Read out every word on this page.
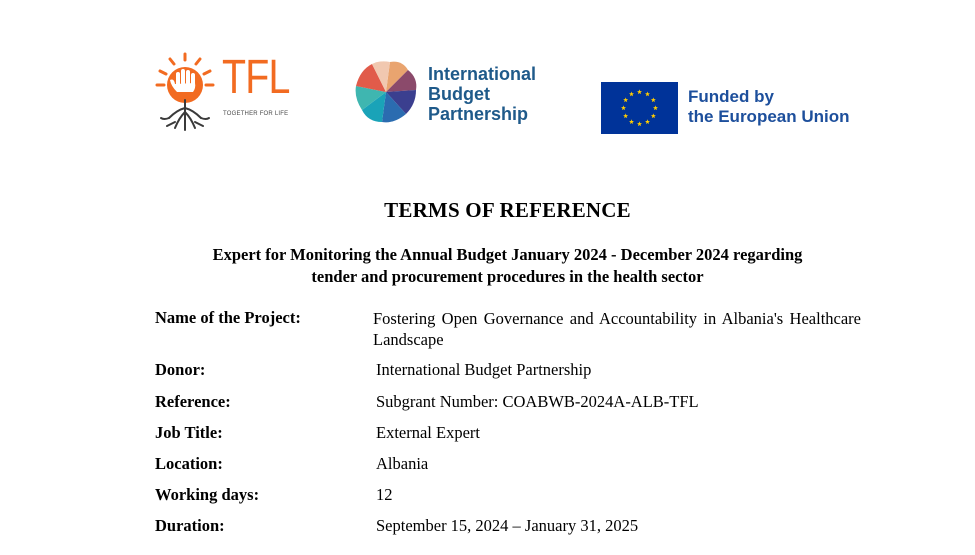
TFL
TOGETHER FOR LIFE
International
Budget
Partnership
Funded by
the European Union
TERMS OF REFERENCE
Expert for Monitoring the Annual Budget January 2024 - December 2024 regarding
tender and procurement procedures in the health sector
Name of the Project:	Fostering Open Governance and Accountability in Albania's Healthcare Landscape
Donor:	International Budget Partnership
Reference:	Subgrant Number: COABWB-2024A-ALB-TFL
Job Title:	External Expert
Location:	Albania
Working days:	12
Duration:	September 15, 2024 – January 31, 2025
